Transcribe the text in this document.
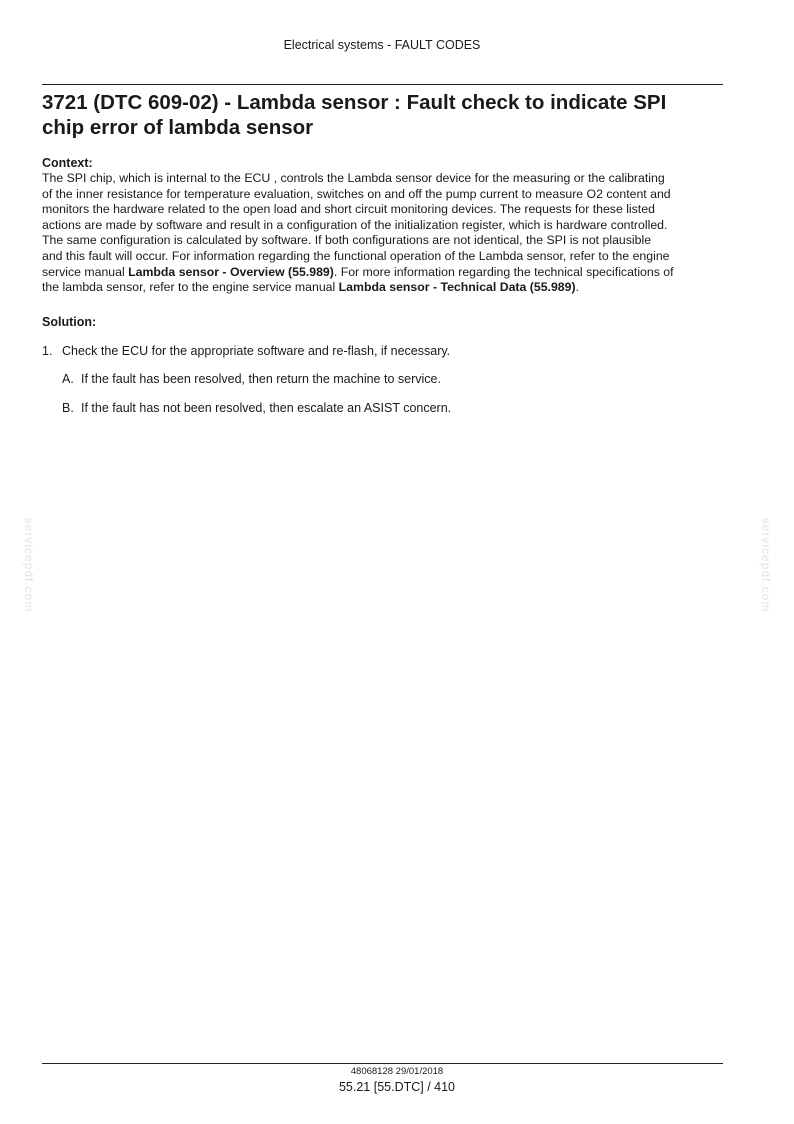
Electrical systems - FAULT CODES
3721 (DTC 609-02) - Lambda sensor : Fault check to indicate SPI
chip error of lambda sensor
Context:

The SPI chip, which is internal to the ECU , controls the Lambda sensor device for the measuring or the calibrating
of the inner resistance for temperature evaluation, switches on and off the pump current to measure O2 content and
monitors the hardware related to the open load and short circuit monitoring devices. The requests for these listed
actions are made by software and result in a configuration of the initialization register, which is hardware controlled.
The same configuration is calculated by software. If both configurations are not identical, the SPI is not plausible
and this fault will occur. For information regarding the functional operation of the Lambda sensor, refer to the engine
service manual Lambda sensor - Overview (55.989). For more information regarding the technical specifications of
the lambda sensor, refer to the engine service manual Lambda sensor - Technical Data (55.989).

Solution:
1. Check the ECU for the appropriate software and re-flash, if necessary.
A. If the fault has been resolved, then return the machine to service.
B. If the fault has not been resolved, then escalate an ASIST concern.
servicepdf.com	servicepdf.com
48068128 29/01/2018
55.21 [55.DTC] / 410
